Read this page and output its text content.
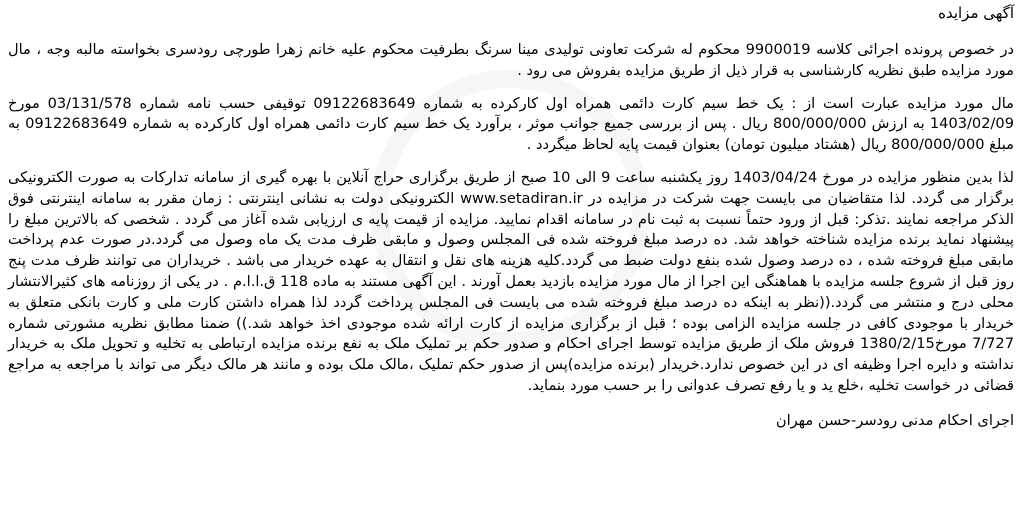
آگهی مزایده

در خصوص پرونده اجرائی کلاسه 9900019 محکوم له شرکت تعاونی تولیدی مینا سرنگ بطرفیت محکوم علیه خانم زهرا طورچی رودسری بخواسته مالبه وجه ، مال مورد مزایده طبق نظریه کارشناسی به قرار ذیل از طریق مزایده بفروش می رود .

مال مورد مزایده عبارت است از : یک خط سیم کارت دائمی همراه اول کارکرده به شماره 09122683649 توقیفی حسب نامه شماره 03/131/578 مورخ 1403/02/09 به ارزش 800/000/000 ریال . پس از بررسی جمیع جوانب موثر ، برآورد یک خط سیم کارت دائمی همراه اول کارکرده به شماره 09122683649 به مبلغ 800/000/000 ریال (هشتاد میلیون تومان) بعنوان قیمت پایه لحاظ میگردد .

لذا بدین منظور مزایده در مورخ 1403/04/24 روز یکشنبه ساعت 9 الی 10 صبح از طریق برگزاری حراج آنلاین با بهره گیری از سامانه تدارکات به صورت الکترونیکی برگزار می گردد. لذا متقاضیان می بایست جهت شرکت در مزایده در www.setadiran.ir الکترونیکی دولت به نشانی اینترنتی : زمان مقرر به سامانه اینترنتی فوق الذکر مراجعه نمایند .تذکر: قبل از ورود حتماً نسبت به ثبت نام در سامانه اقدام نمایید. مزایده از قیمت پایه ی ارزیابی شده آغاز می گردد . شخصی که بالاترین مبلغ را پیشنهاد نماید برنده مزایده شناخته خواهد شد. ده درصد مبلغ فروخته شده فی المجلس وصول و مابقی ظرف مدت یک ماه وصول می گردد.در صورت عدم پرداخت مابقی مبلغ فروخته شده ، ده درصد وصول شده بنفع دولت ضبط می گردد.کلیه هزینه های نقل و انتقال به عهده خریدار می باشد . خریداران می توانند ظرف مدت پنج روز قبل از شروع جلسه مزایده با هماهنگی این اجرا از مال مورد مزایده بازدید بعمل آورند . این آگهی مستند به ماده 118 ق.ا.ا.م . در یکی از روزنامه های کثیرالانتشار محلی درج و منتشر می گردد.((نظر به اینکه ده درصد مبلغ فروخته شده می بایست فی المجلس پرداخت گردد لذا همراه داشتن کارت ملی و کارت بانکی متعلق به خریدار با موجودی کافی در جلسه مزایده الزامی بوده ؛ قبل از برگزاری مزایده از کارت ارائه شده موجودی اخذ خواهد شد.)) ضمنا مطابق نظریه مشورتی شماره 7/727 مورخ1380/2/15 فروش ملک از طریق مزایده توسط اجرای احکام و صدور حکم بر تملیک ملک به نفع برنده مزایده ارتباطی به تخلیه و تحویل ملک به خریدار نداشته و دایره اجرا وظیفه ای در این خصوص ندارد.خریدار (برنده مزایده)پس از صدور حکم تملیک ،مالک ملک بوده و مانند هر مالک دیگر می تواند با مراجعه به مراجع قضائی در خواست تخلیه ،خلع ید و یا رفع تصرف عدوانی را بر حسب مورد بنماید.

اجرای احکام مدنی رودسر-حسن مهران
